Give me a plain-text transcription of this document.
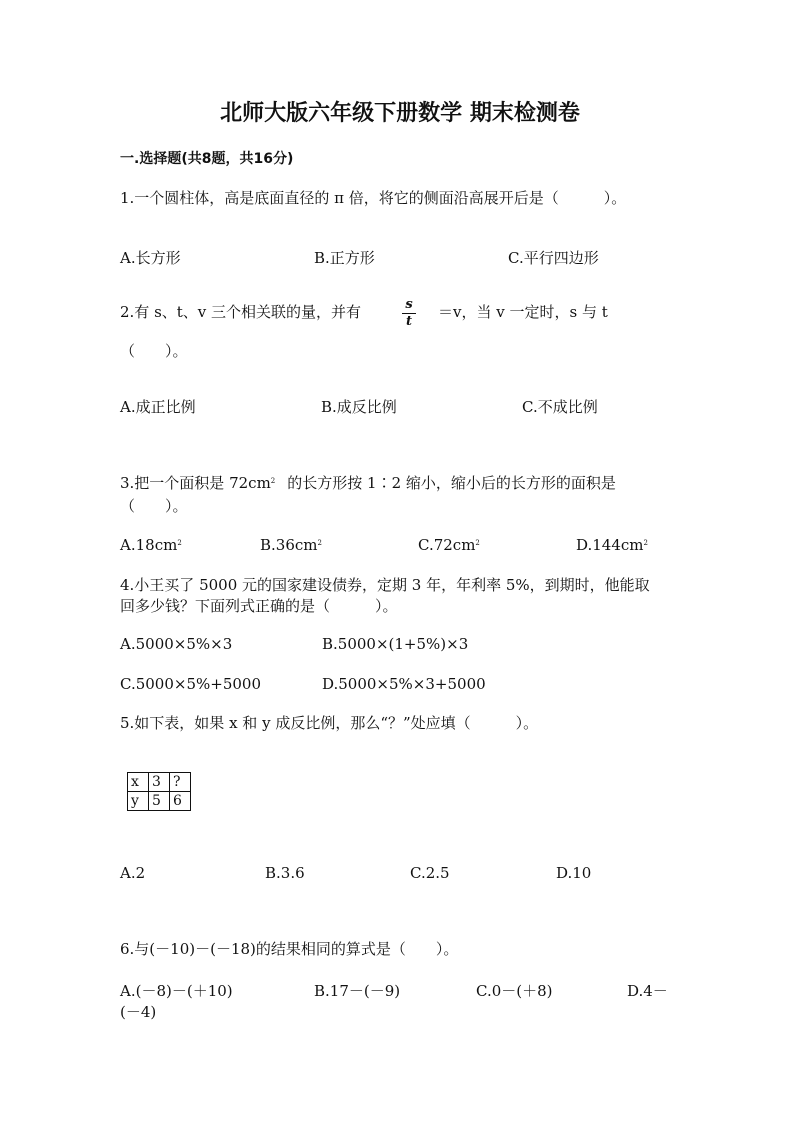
北师大版六年级下册数学 期末检测卷
一.选择题(共8题，共16分)
1.一个圆柱体，高是底面直径的 π 倍，将它的侧面沿高展开后是（　　　）。
A.长方形	B.正方形	C.平行四边形
2.有 s、t、v 三个相关联的量，并有	s
t
＝v，当 v 一定时，s 与 t
（　　）。
A.成正比例	B.成反比例	C.不成比例
3.把一个面积是 $72cm^2$ 的长方形按 1∶2 缩小，缩小后的长方形的面积是
（　　）。
$A.18cm^2$	$B.36cm^2$	$C.72cm^2$	$D.144cm^2$
4.小王买了 5000 元的国家建设债券，定期 3 年，年利率 5%，到期时，他能取
回多少钱？下面列式正确的是（　　　）。
A.5000×5%×3	B.5000×(1+5%)×3
C.5000×5%+5000	D.5000×5%×3+5000
5.如下表，如果 x 和 y 成反比例，那么“？”处应填（　　　）。
x	3	?
y	5	6
A.2	B.3.6	C.2.5	D.10
6.与(－10)－(－18)的结果相同的算式是（　　）。
A.(－8)－(＋10)	B.17－(－9)	C.0－(＋8)	D.4－
(－4)
